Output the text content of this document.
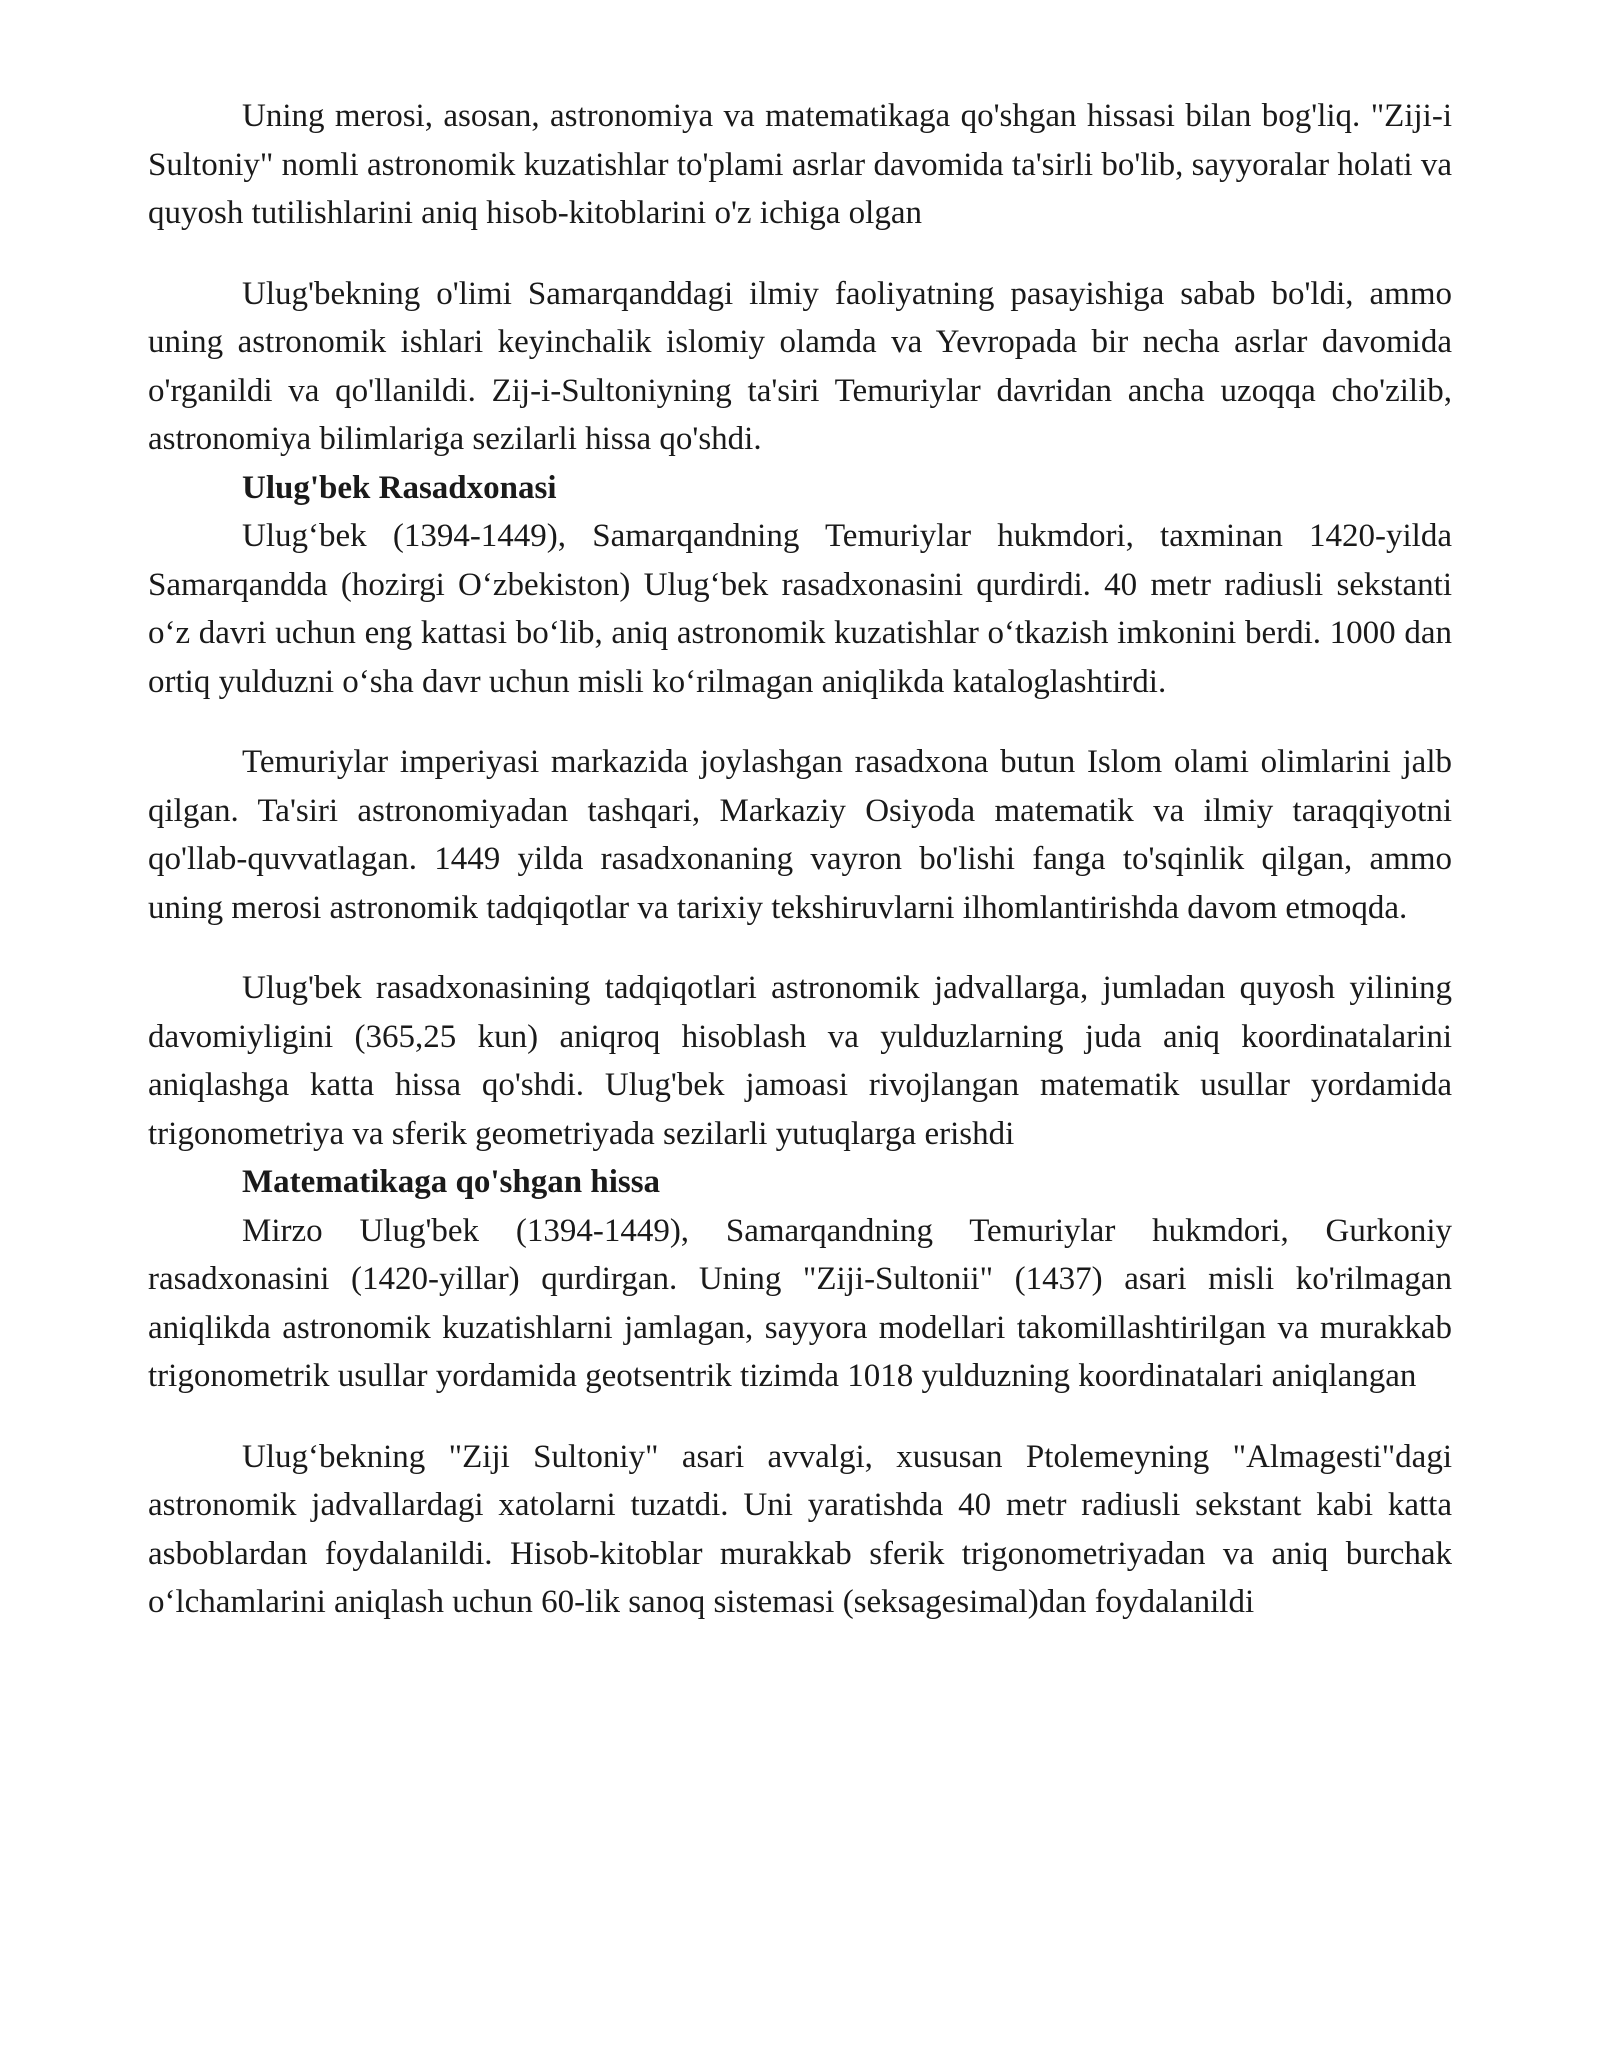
Uning merosi, asosan, astronomiya va matematikaga qo'shgan hissasi bilan bog'liq. "Ziji-i Sultoniy" nomli astronomik kuzatishlar to'plami asrlar davomida ta'sirli bo'lib, sayyoralar holati va quyosh tutilishlarini aniq hisob-kitoblarini o'z ichiga olgan

Ulug'bekning o'limi Samarqanddagi ilmiy faoliyatning pasayishiga sabab bo'ldi, ammo uning astronomik ishlari keyinchalik islomiy olamda va Yevropada bir necha asrlar davomida o'rganildi va qo'llanildi. Zij-i-Sultoniyning ta'siri Temuriylar davridan ancha uzoqqa cho'zilib, astronomiya bilimlariga sezilarli hissa qo'shdi.

Ulug'bek Rasadxonasi

Ulug‘bek (1394-1449), Samarqandning Temuriylar hukmdori, taxminan 1420-yilda Samarqandda (hozirgi O‘zbekiston) Ulug‘bek rasadxonasini qurdirdi. 40 metr radiusli sekstanti o‘z davri uchun eng kattasi bo‘lib, aniq astronomik kuzatishlar o‘tkazish imkonini berdi. 1000 dan ortiq yulduzni o‘sha davr uchun misli ko‘rilmagan aniqlikda kataloglashtirdi.

Temuriylar imperiyasi markazida joylashgan rasadxona butun Islom olami olimlarini jalb qilgan. Ta'siri astronomiyadan tashqari, Markaziy Osiyoda matematik va ilmiy taraqqiyotni qo'llab-quvvatlagan. 1449 yilda rasadxonaning vayron bo'lishi fanga to'sqinlik qilgan, ammo uning merosi astronomik tadqiqotlar va tarixiy tekshiruvlarni ilhomlantirishda davom etmoqda.

Ulug'bek rasadxonasining tadqiqotlari astronomik jadvallarga, jumladan quyosh yilining davomiyligini (365,25 kun) aniqroq hisoblash va yulduzlarning juda aniq koordinatalarini aniqlashga katta hissa qo'shdi. Ulug'bek jamoasi rivojlangan matematik usullar yordamida trigonometriya va sferik geometriyada sezilarli yutuqlarga erishdi

Matematikaga qo'shgan hissa

Mirzo Ulug'bek (1394-1449), Samarqandning Temuriylar hukmdori, Gurkoniy rasadxonasini (1420-yillar) qurdirgan. Uning "Ziji-Sultonii" (1437) asari misli ko'rilmagan aniqlikda astronomik kuzatishlarni jamlagan, sayyora modellari takomillashtirilgan va murakkab trigonometrik usullar yordamida geotsentrik tizimda 1018 yulduzning koordinatalari aniqlangan

Ulug‘bekning "Ziji Sultoniy" asari avvalgi, xususan Ptolemeyning "Almagesti"dagi astronomik jadvallardagi xatolarni tuzatdi. Uni yaratishda 40 metr radiusli sekstant kabi katta asboblardan foydalanildi. Hisob-kitoblar murakkab sferik trigonometriyadan va aniq burchak o‘lchamlarini aniqlash uchun 60-lik sanoq sistemasi (seksagesimal)dan foydalanildi
